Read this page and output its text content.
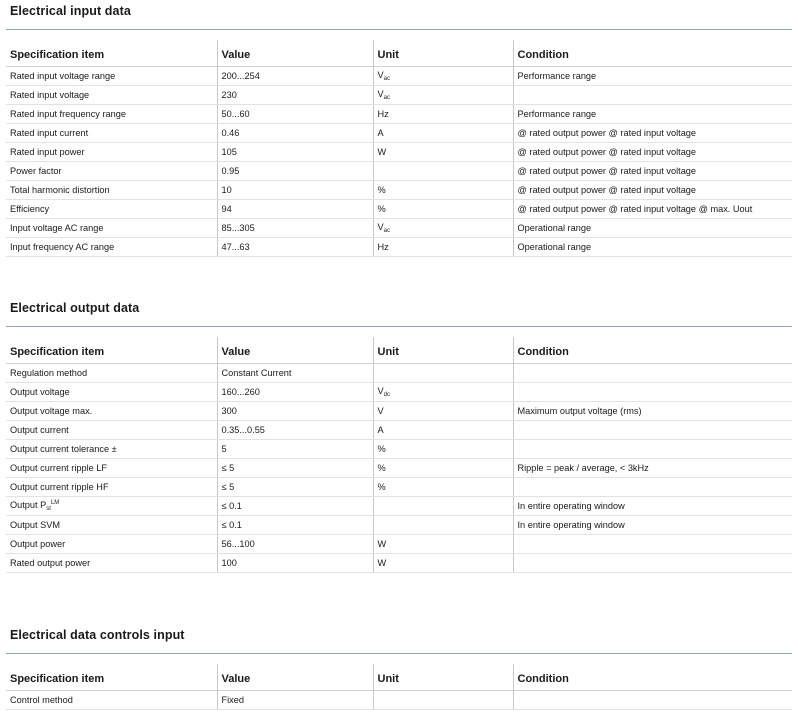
Electrical input data
Specification item	Value	Unit	Condition
Rated input voltage range	200...254	$V_{ac}$	Performance range
Rated input voltage	230	$V_{ac}$	
Rated input frequency range	50...60	Hz	Performance range
Rated input current	0.46	A	@ rated output power @ rated input voltage
Rated input power	105	W	@ rated output power @ rated input voltage
Power factor	0.95		@ rated output power @ rated input voltage
Total harmonic distortion	10	%	@ rated output power @ rated input voltage
Efficiency	94	%	@ rated output power @ rated input voltage @ max. Uout
Input voltage AC range	85...305	$V_{ac}$	Operational range
Input frequency AC range	47...63	Hz	Operational range
Electrical output data
Specification item	Value	Unit	Condition
Regulation method	Constant Current		
Output voltage	160...260	$V_{dc}$	
Output voltage max.	300	V	Maximum output voltage (rms)
Output current	0.35...0.55	A	
Output current tolerance ±	5	%	
Output current ripple LF	≤ 5	%	Ripple = peak / average, < 3kHz
Output current ripple HF	≤ 5	%	
Output $P_{st}^{LM}$	≤ 0.1		In entire operating window
Output SVM	≤ 0.1		In entire operating window
Output power	56...100	W	
Rated output power	100	W	
Electrical data controls input
Specification item	Value	Unit	Condition
Control method	Fixed		
